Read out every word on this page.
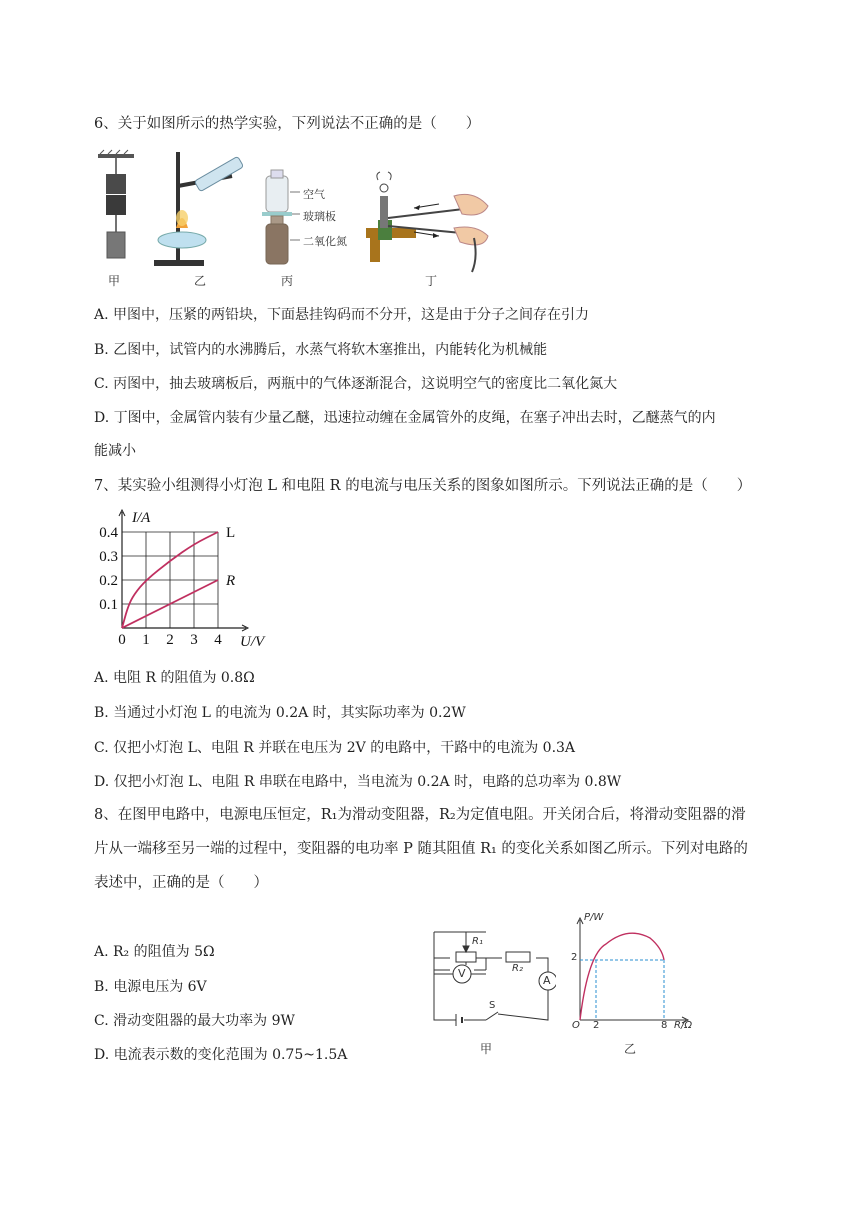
6、关于如图所示的热学实验，下列说法不正确的是（　　）
空气
玻璃板
二氧化氮
甲	乙	丙	丁
A. 甲图中，压紧的两铅块，下面悬挂钩码而不分开，这是由于分子之间存在引力
B. 乙图中，试管内的水沸腾后，水蒸气将软木塞推出，内能转化为机械能
C. 丙图中，抽去玻璃板后，两瓶中的气体逐渐混合，这说明空气的密度比二氧化氮大
D. 丁图中，金属管内装有少量乙醚，迅速拉动缠在金属管外的皮绳，在塞子冲出去时，乙醚蒸气的内
能减小
7、某实验小组测得小灯泡 L 和电阻 R 的电流与电压关系的图象如图所示。下列说法正确的是（　　）
0 1 2 3 4
0.1
0.2
0.3
0.4
U/V
I/A
L
R
A. 电阻 R 的阻值为 0.8Ω
B. 当通过小灯泡 L 的电流为 0.2A 时，其实际功率为 0.2W
C. 仅把小灯泡 L、电阻 R 并联在电压为 2V 的电路中，干路中的电流为 0.3A
D. 仅把小灯泡 L、电阻 R 串联在电路中，当电流为 0.2A 时，电路的总功率为 0.8W
8、在图甲电路中，电源电压恒定，R₁为滑动变阻器，R₂为定值电阻。开关闭合后，将滑动变阻器的滑
片从一端移至另一端的过程中，变阻器的电功率 P 随其阻值 R₁ 的变化关系如图乙所示。下列对电路的
表述中，正确的是（　　）
A. R₂ 的阻值为 5Ω
B. 电源电压为 6V
C. 滑动变阻器的最大功率为 9W
D. 电流表示数的变化范围为 0.75~1.5A
R₁
R₂
V
A
S
甲
P/W
2
O 2	8 R/Ω
乙
